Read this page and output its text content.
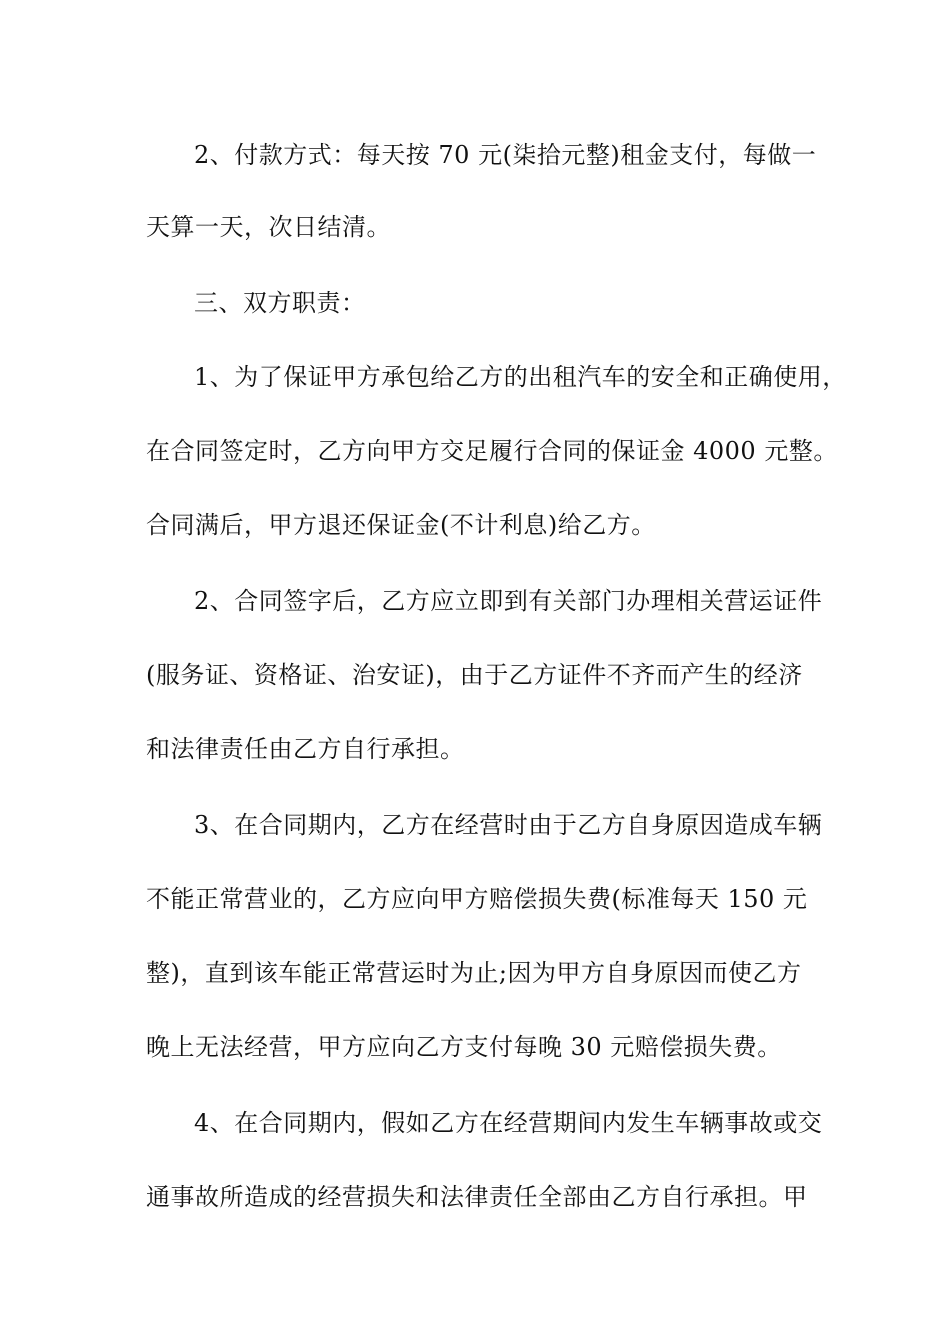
2、付款方式：每天按 70 元(柒拾元整)租金支付，每做一
天算一天，次日结清。
三、双方职责：
1、为了保证甲方承包给乙方的出租汽车的安全和正确使用，
在合同签定时，乙方向甲方交足履行合同的保证金 4000 元整。
合同满后，甲方退还保证金(不计利息)给乙方。
2、合同签字后，乙方应立即到有关部门办理相关营运证件
(服务证、资格证、治安证)，由于乙方证件不齐而产生的经济
和法律责任由乙方自行承担。
3、在合同期内，乙方在经营时由于乙方自身原因造成车辆
不能正常营业的，乙方应向甲方赔偿损失费(标准每天 150 元
整)，直到该车能正常营运时为止;因为甲方自身原因而使乙方
晚上无法经营，甲方应向乙方支付每晚 30 元赔偿损失费。
4、在合同期内，假如乙方在经营期间内发生车辆事故或交
通事故所造成的经营损失和法律责任全部由乙方自行承担。甲
